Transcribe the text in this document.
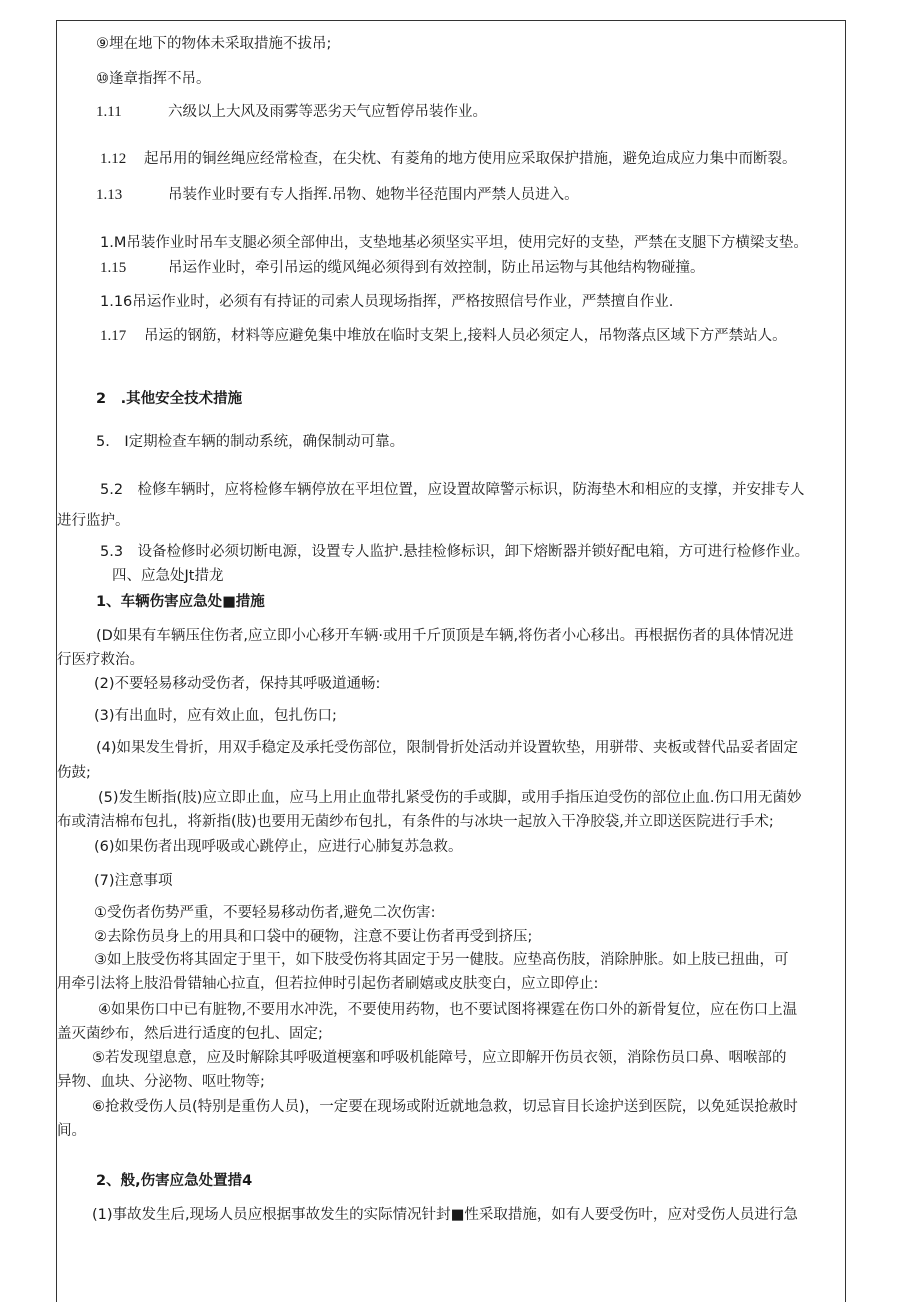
⑨埋在地下的物体未采取措施不拔吊;
⑩逢章指挥不吊。
1.11	六级以上大风及雨雾等恶劣天气应暂停吊装作业。
1.12 起吊用的铜丝绳应经常检查，在尖枕、有菱角的地方使用应采取保护措施，避免迨成应力集中而断裂。
1.13	吊装作业时要有专人指挥.吊物、她物半径范围内严禁人员进入。
1.M吊装作业时吊车支腿必须全部伸出，支垫地基必须坚实平坦，使用完好的支垫，严禁在支腿下方横梁支垫。
1.15	吊运作业时，牵引吊运的缆风绳必须得到有效控制，防止吊运物与其他结构物碰撞。
1.16吊运作业时，必须有有持证的司索人员现场指挥，严格按照信号作业，严禁擅自作业.
1.17 吊运的钢筋，材料等应避免集中堆放在临时支架上,接料人员必须定人，吊物落点区域下方严禁站人。
2　.其他安全技术措施
5.　I定期检查车辆的制动系统，确保制动可靠。
5.2　检修车辆时，应将检修车辆停放在平坦位置，应设置故障警示标识，防海垫木和相应的支撑，并安排专人
进行监护。
5.3　设备检修时必须切断电源，设置专人监护.悬挂检修标识，卸下熔断器并锁好配电箱，方可进行检修作业。
四、应急处Jt措龙
1、车辆伤害应急处■措施
(D如果有车辆压住伤者,应立即小心移开车辆·或用千斤顶顶是车辆,将伤者小心移出。再根据伤者的具体情况进
行医疗救治。
(2)不要轻易移动受伤者，保持其呼吸道通畅:
(3)有出血时，应有效止血，包扎伤口;
(4)如果发生骨折，用双手稳定及承托受伤部位，限制骨折处活动并设置软垫，用骈带、夹板或替代品妥者固定
伤鼓;
(5)发生断指(肢)应立即止血，应马上用止血带扎紧受伤的手或脚，或用手指压迫受伤的部位止血.伤口用无菌妙
布或清洁棉布包扎，将新指(肢)也要用无菌纱布包扎，有条件的与冰块一起放入干净胶袋,并立即送医院进行手术;
(6)如果伤者出现呼吸或心跳停止，应进行心肺复苏急救。
(7)注意事项
①受伤者伤势严重，不要轻易移动伤者,避免二次伤害:
②去除伤员身上的用具和口袋中的硬物，注意不要让伤者再受到挤压;
③如上肢受伤将其固定于里干，如下肢受伤将其固定于另一健肢。应垫高伤肢，消除肿胀。如上肢已扭曲，可
用牵引法将上肢沿骨错轴心拉直，但若拉伸时引起伤者刷嬉或皮肤变白，应立即停止:
④如果伤口中已有脏物,不要用水冲洗，不要使用药物，也不要试图将裸霆在伤口外的新骨复位，应在伤口上温
盖灭菌纱布，然后进行适度的包扎、固定;
⑤若发现望息意，应及时解除其呼吸道梗塞和呼吸机能障号，应立即解开伤员衣领，消除伤员口鼻、咽喉部的
异物、血块、分泌物、呕吐物等;
⑥抢救受伤人员(特别是重伤人员)，一定要在现场或附近就地急救，切忌盲目长途护送到医院，以免延误抢赦时
间。
2、般,伤害应急处置措4
(1)事故发生后,现场人员应根据事故发生的实际情况针封■性采取措施，如有人要受伤叶，应对受伤人员进行急
